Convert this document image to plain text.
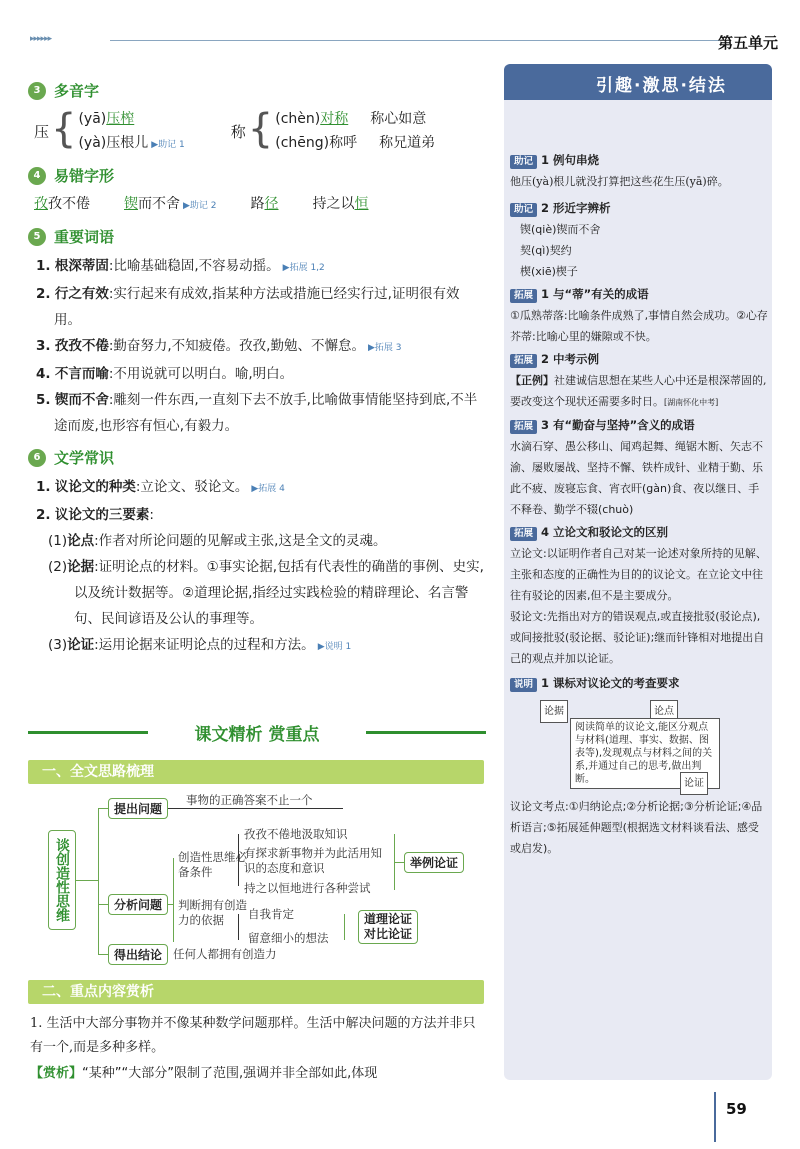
▸▸▸▸▸▸	第五单元
3 多音字
压 { (yā)压榨
(yà)压根儿 ▶助记 1
称 { (chèn)对称 称心如意
(chēng)称呼 称兄道弟
4 易错字形
孜孜不倦 锲而不舍 ▶助记 2 路径 持之以恒
5 重要词语
1. 根深蒂固:比喻基础稳固,不容易动摇。 ▶拓展 1,2
2. 行之有效:实行起来有成效,指某种方法或措施已经实行过,证明很有效用。
3. 孜孜不倦:勤奋努力,不知疲倦。孜孜,勤勉、不懈怠。 ▶拓展 3
4. 不言而喻:不用说就可以明白。喻,明白。
5. 锲而不舍:雕刻一件东西,一直刻下去不放手,比喻做事情能坚持到底,不半途而废,也形容有恒心,有毅力。
6 文学常识
1. 议论文的种类:立论文、驳论文。 ▶拓展 4
2. 议论文的三要素:
(1)论点:作者对所论问题的见解或主张,这是全文的灵魂。
(2)论据:证明论点的材料。①事实论据,包括有代表性的确凿的事例、史实,以及统计数据等。②道理论据,指经过实践检验的精辟理论、名言警句、民间谚语及公认的事理等。
(3)论证:运用论据来证明论点的过程和方法。 ▶说明 1
课文精析 赏重点
一、全文思路梳理
谈创造性思维
提出问题
事物的正确答案不止一个
分析问题
创造性思维必备条件
孜孜不倦地汲取知识
有探求新事物并为此活用知识的态度和意识
持之以恒地进行各种尝试
举例论证
判断拥有创造力的依据	自我肯定
留意细小的想法
道理论证
对比论证
得出结论 任何人都拥有创造力
二、重点内容赏析
1. 生活中大部分事物并不像某种数学问题那样。生活中解决问题的方法并非只有一个,而是多种多样。
【赏析】“某种”“大部分”限制了范围,强调并非全部如此,体现
引趣·激思·结法
助记 1 例句串烧
他压(yà)根儿就没打算把这些花生压(yā)碎。
助记 2 形近字辨析
锲(qiè)锲而不舍
契(qì)契约
楔(xiē)楔子
拓展 1 与“蒂”有关的成语
①瓜熟蒂落:比喻条件成熟了,事情自然会成功。②心存芥蒂:比喻心里的嫌隙或不快。
拓展 2 中考示例
【正例】社建诚信思想在某些人心中还是根深蒂固的,要改变这个现状还需要多时日。[湖南怀化中考]
拓展 3 有“勤奋与坚持”含义的成语
水滴石穿、愚公移山、闻鸡起舞、绳锯木断、矢志不渝、屡败屡战、坚持不懈、铁杵成针、业精于勤、乐此不疲、废寝忘食、宵衣旰(gàn)食、夜以继日、手不释卷、勤学不辍(chuò)
拓展 4 立论文和驳论文的区别
立论文:以证明作者自己对某一论述对象所持的见解、主张和态度的正确性为目的的议论文。在立论文中往往有驳论的因素,但不是主要成分。
驳论文:先指出对方的错误观点,或直接批驳(驳论点),或间接批驳(驳论据、驳论证);继而针锋相对地提出自己的观点并加以论证。
说明 1 课标对议论文的考查要求
论据	论点
阅读简单的议论文,能区分观点与材料(道理、事实、数据、图表等),发现观点与材料之间的关系,并通过自己的思考,做出判断。	论证
议论文考点:①归纳论点;②分析论据;③分析论证;④品析语言;⑤拓展延伸题型(根据选文材料谈看法、感受或启发)。
59
